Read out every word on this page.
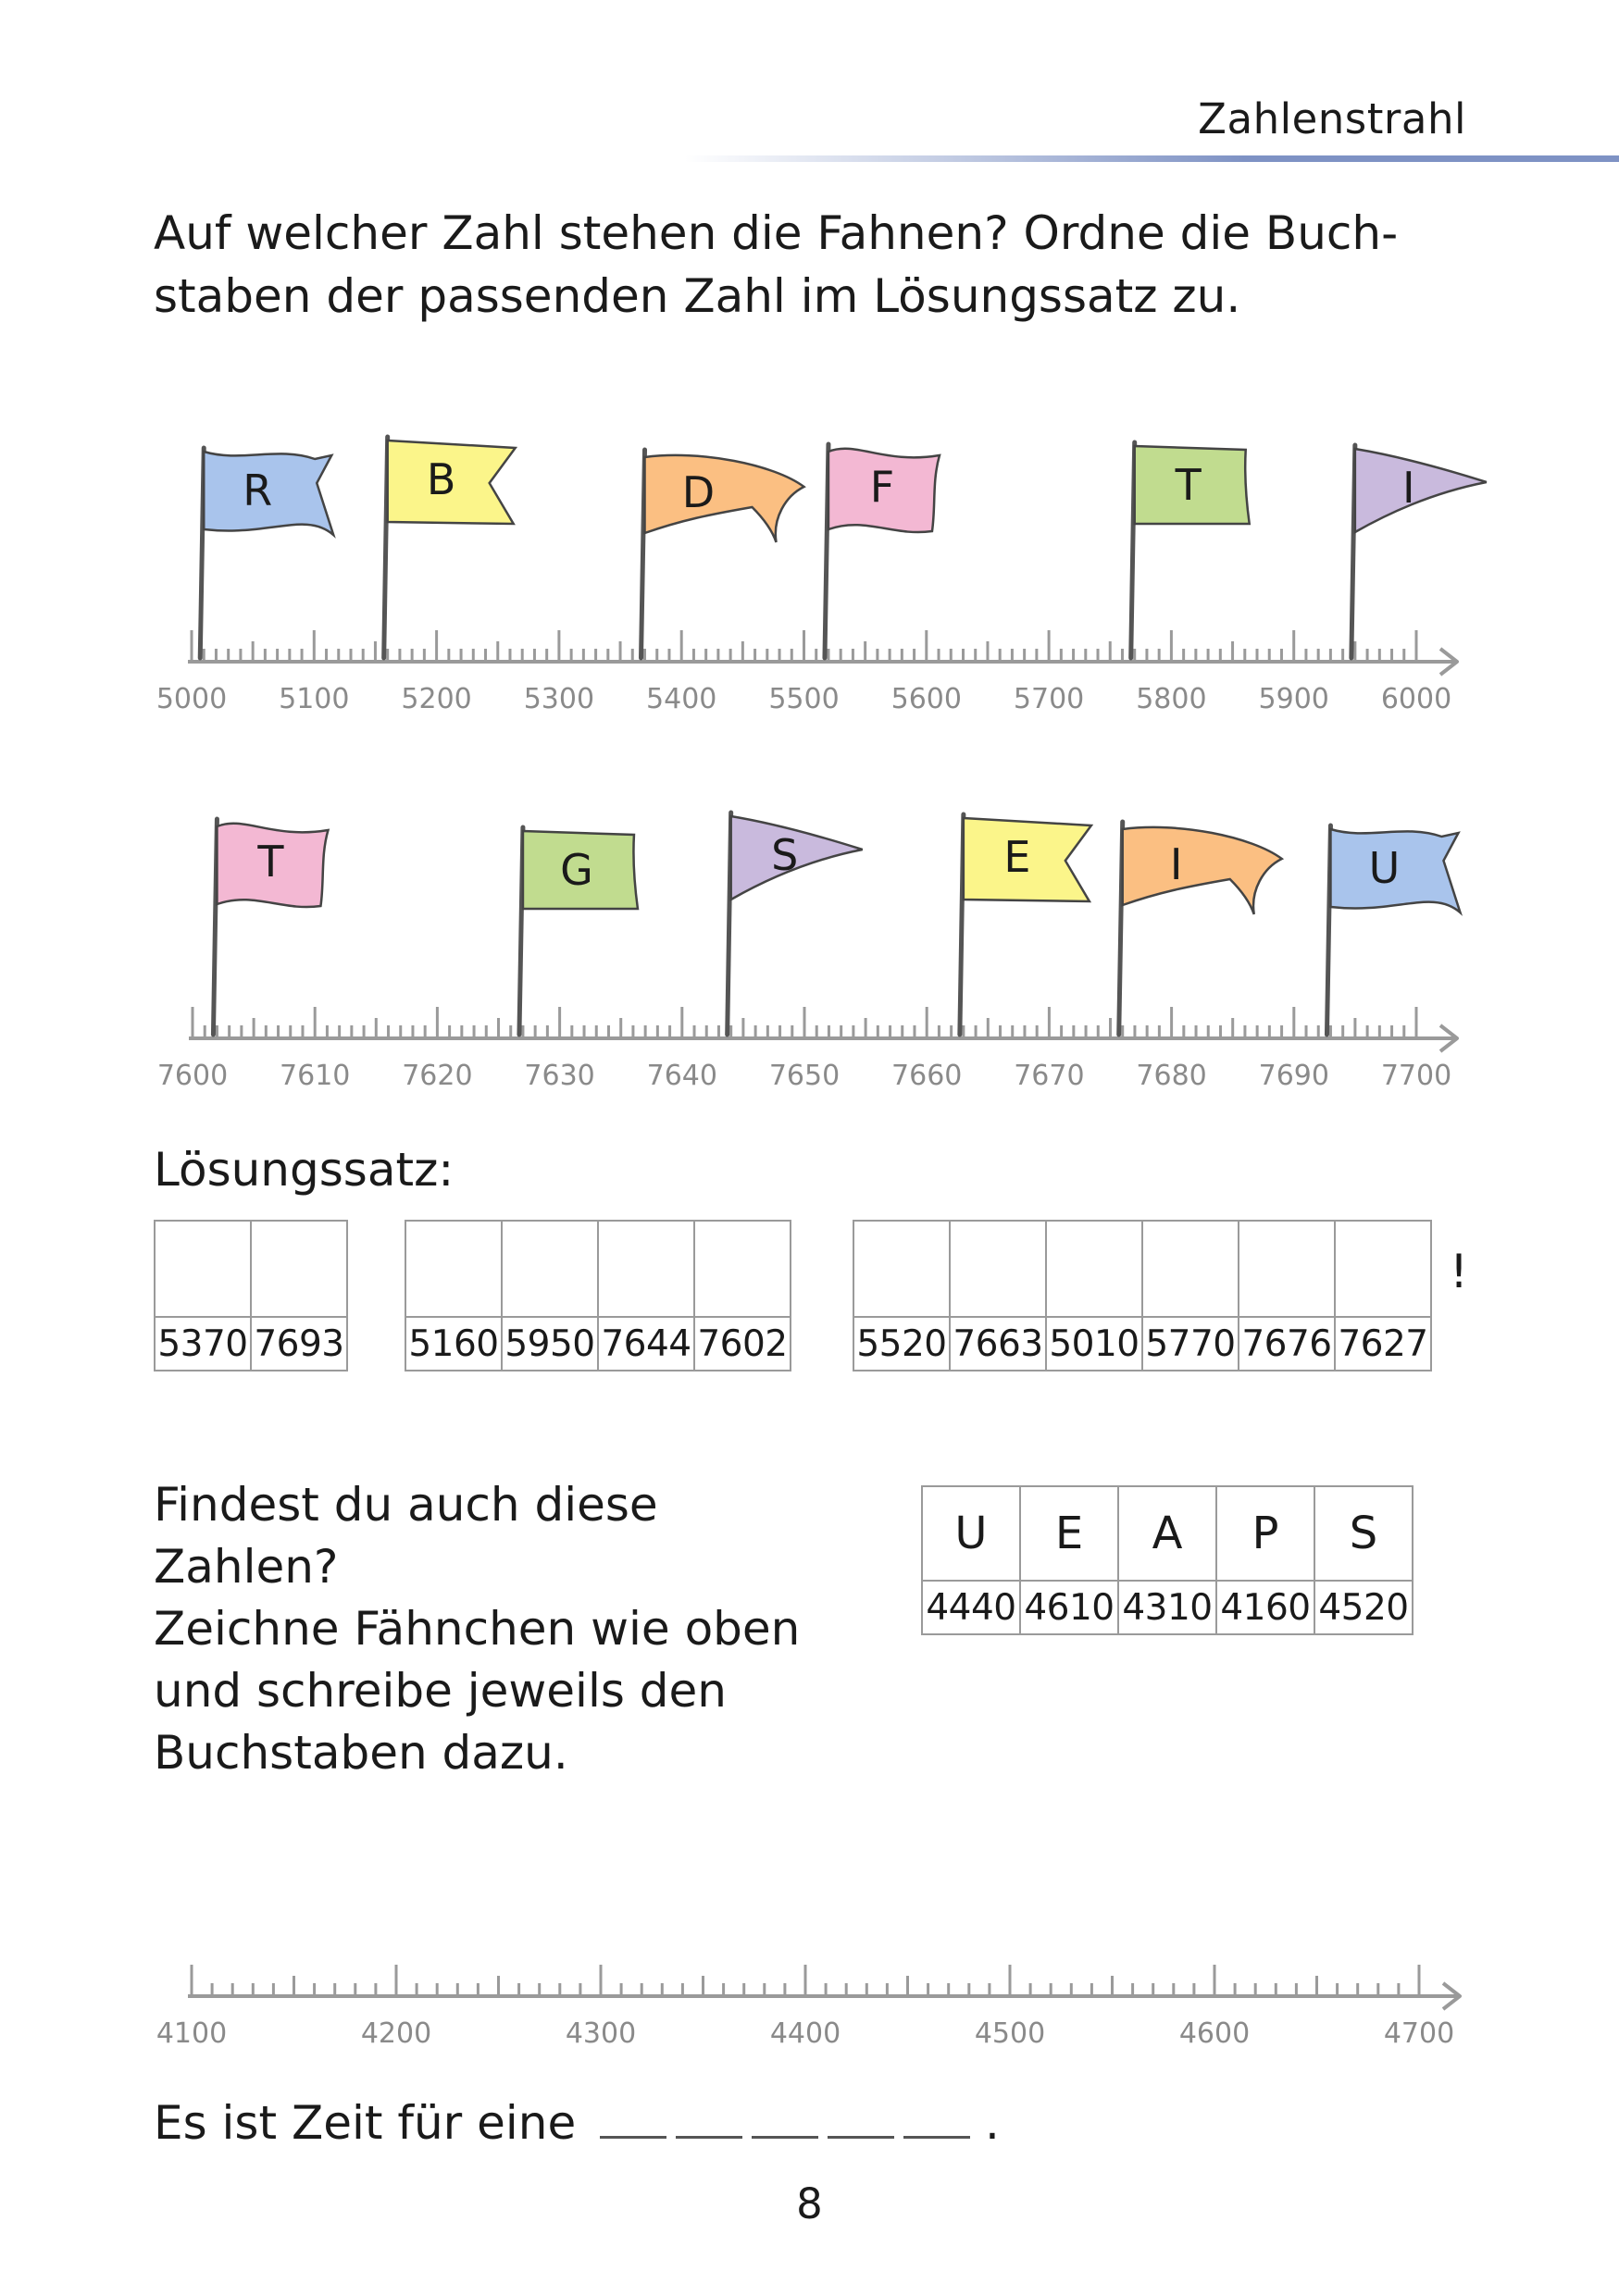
Zahlenstrahl
Auf welcher Zahl stehen die Fahnen? Ordne die Buch-
staben der passenden Zahl im Lösungssatz zu.
5000 5100 5200 5300 5400 5500 5600 5700 5800 5900 6000
R	B	D	F	T	I
7600 7610 7620 7630 7640 7650 7660 7670 7680 7690 7700
T	G	S	E	I	U
Lösungssatz:

5370	7693
			5160	5950	7644	7602
					5520	7663	5010	5770	7676	7627
!
Findest du auch diese Zahlen?
Zeichne Fähnchen wie oben
und schreibe jeweils den
Buchstaben dazu.
U	E	A	P	S
4440	4610	4310	4160	4520
4100	4200	4300	4400	4500	4600	4700
Es ist Zeit für eine	.
8
